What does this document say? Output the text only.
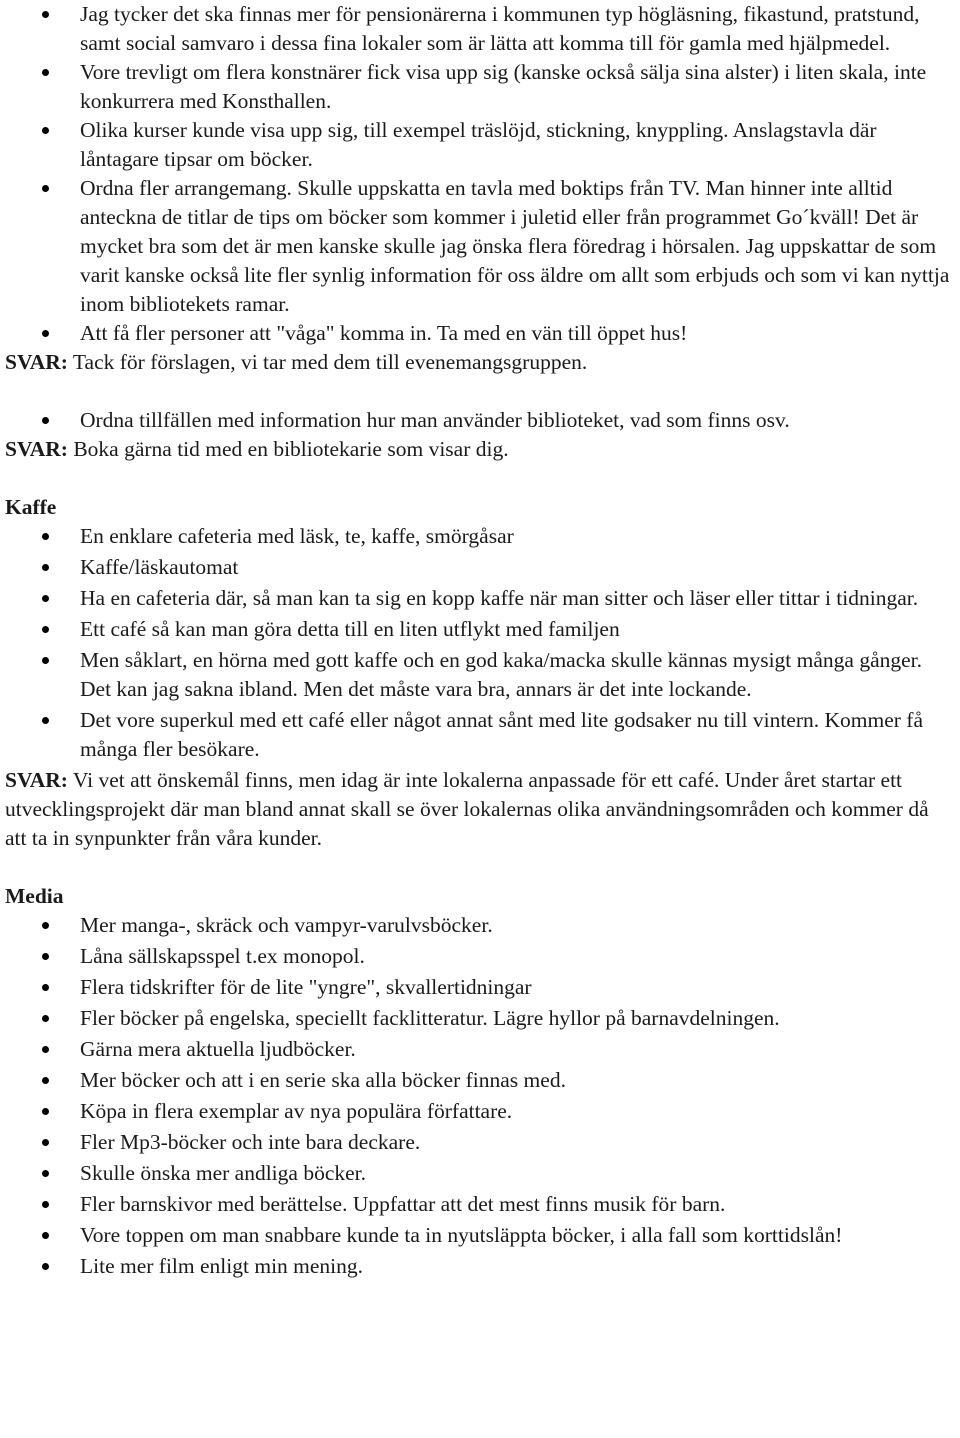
Jag tycker det ska finnas mer för pensionärerna i kommunen typ högläsning, fikastund, pratstund, samt social samvaro i dessa fina lokaler som är lätta att komma till för gamla med hjälpmedel.
Vore trevligt om flera konstnärer fick visa upp sig (kanske också sälja sina alster) i liten skala, inte konkurrera med Konsthallen.
Olika kurser kunde visa upp sig, till exempel träslöjd, stickning, knyppling. Anslagstavla där låntagare tipsar om böcker.
Ordna fler arrangemang. Skulle uppskatta en tavla med boktips från TV. Man hinner inte alltid anteckna de titlar de tips om böcker som kommer i juletid eller från programmet Go´kväll! Det är mycket bra som det är men kanske skulle jag önska flera föredrag i hörsalen. Jag uppskattar de som varit kanske också lite fler synlig information för oss äldre om allt som erbjuds och som vi kan nyttja inom bibliotekets ramar.
Att få fler personer att "våga" komma in. Ta med en vän till öppet hus!

SVAR: Tack för förslagen, vi tar med dem till evenemangsgruppen.

Ordna tillfällen med information hur man använder biblioteket, vad som finns osv.

SVAR: Boka gärna tid med en bibliotekarie som visar dig.

Kaffe
En enklare cafeteria med läsk, te, kaffe, smörgåsar
Kaffe/läskautomat
Ha en cafeteria där, så man kan ta sig en kopp kaffe när man sitter och läser eller tittar i tidningar.
Ett café så kan man göra detta till en liten utflykt med familjen
Men såklart, en hörna med gott kaffe och en god kaka/macka skulle kännas mysigt många gånger. Det kan jag sakna ibland. Men det måste vara bra, annars är det inte lockande.
Det vore superkul med ett café eller något annat sånt med lite godsaker nu till vintern. Kommer få många fler besökare.

SVAR: Vi vet att önskemål finns, men idag är inte lokalerna anpassade för ett café. Under året startar ett utvecklingsprojekt där man bland annat skall se över lokalernas olika användningsområden och kommer då att ta in synpunkter från våra kunder.

Media
Mer manga-, skräck och vampyr-varulvsböcker.
Låna sällskapsspel t.ex monopol.
Flera tidskrifter för de lite "yngre", skvallertidningar
Fler böcker på engelska, speciellt facklitteratur. Lägre hyllor på barnavdelningen.
Gärna mera aktuella ljudböcker.
Mer böcker och att i en serie ska alla böcker finnas med.
Köpa in flera exemplar av nya populära författare.
Fler Mp3-böcker och inte bara deckare.
Skulle önska mer andliga böcker.
Fler barnskivor med berättelse. Uppfattar att det mest finns musik för barn.
Vore toppen om man snabbare kunde ta in nyutsläppta böcker, i alla fall som korttidslån!
Lite mer film enligt min mening.
